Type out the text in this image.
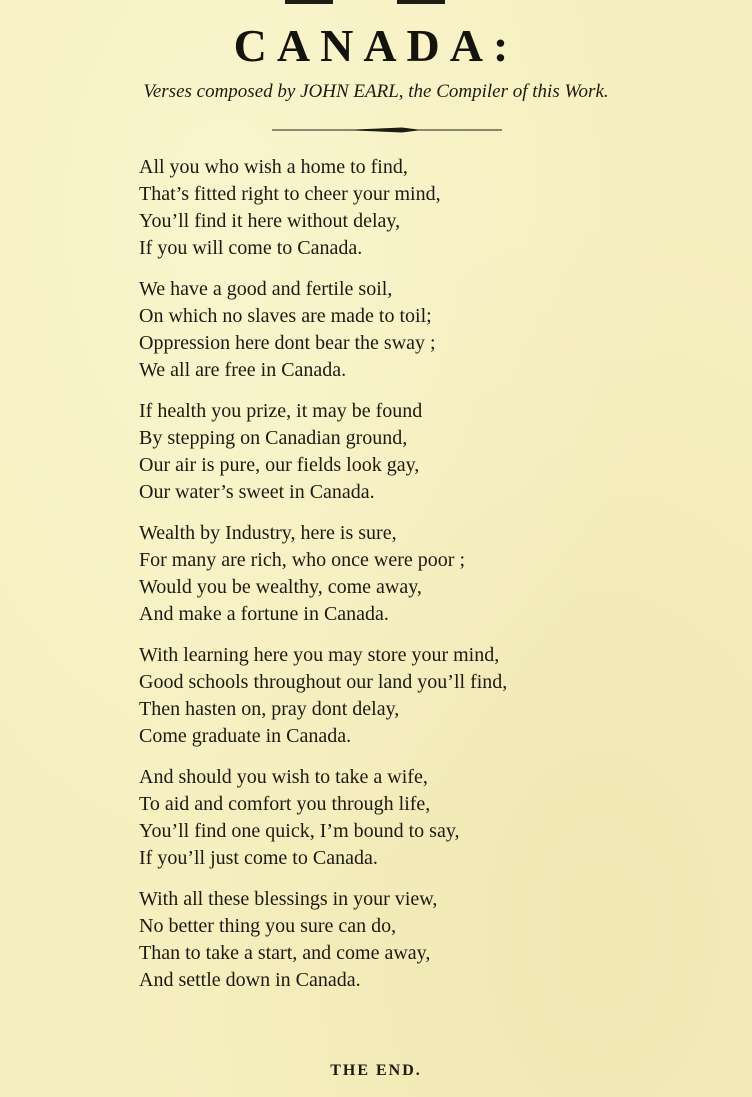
CANADA:
Verses composed by JOHN EARL, the Compiler of this Work.
All you who wish a home to find,
That’s fitted right to cheer your mind,
You’ll find it here without delay,
If you will come to Canada.
We have a good and fertile soil,
On which no slaves are made to toil;
Oppression here dont bear the sway ;
We all are free in Canada.
If health you prize, it may be found
By stepping on Canadian ground,
Our air is pure, our fields look gay,
Our water’s sweet in Canada.
Wealth by Industry, here is sure,
For many are rich, who once were poor ;
Would you be wealthy, come away,
And make a fortune in Canada.
With learning here you may store your mind,
Good schools throughout our land you’ll find,
Then hasten on, pray dont delay,
Come graduate in Canada.
And should you wish to take a wife,
To aid and comfort you through life,
You’ll find one quick, I’m bound to say,
If you’ll just come to Canada.
With all these blessings in your view,
No better thing you sure can do,
Than to take a start, and come away,
And settle down in Canada.
THE END.
